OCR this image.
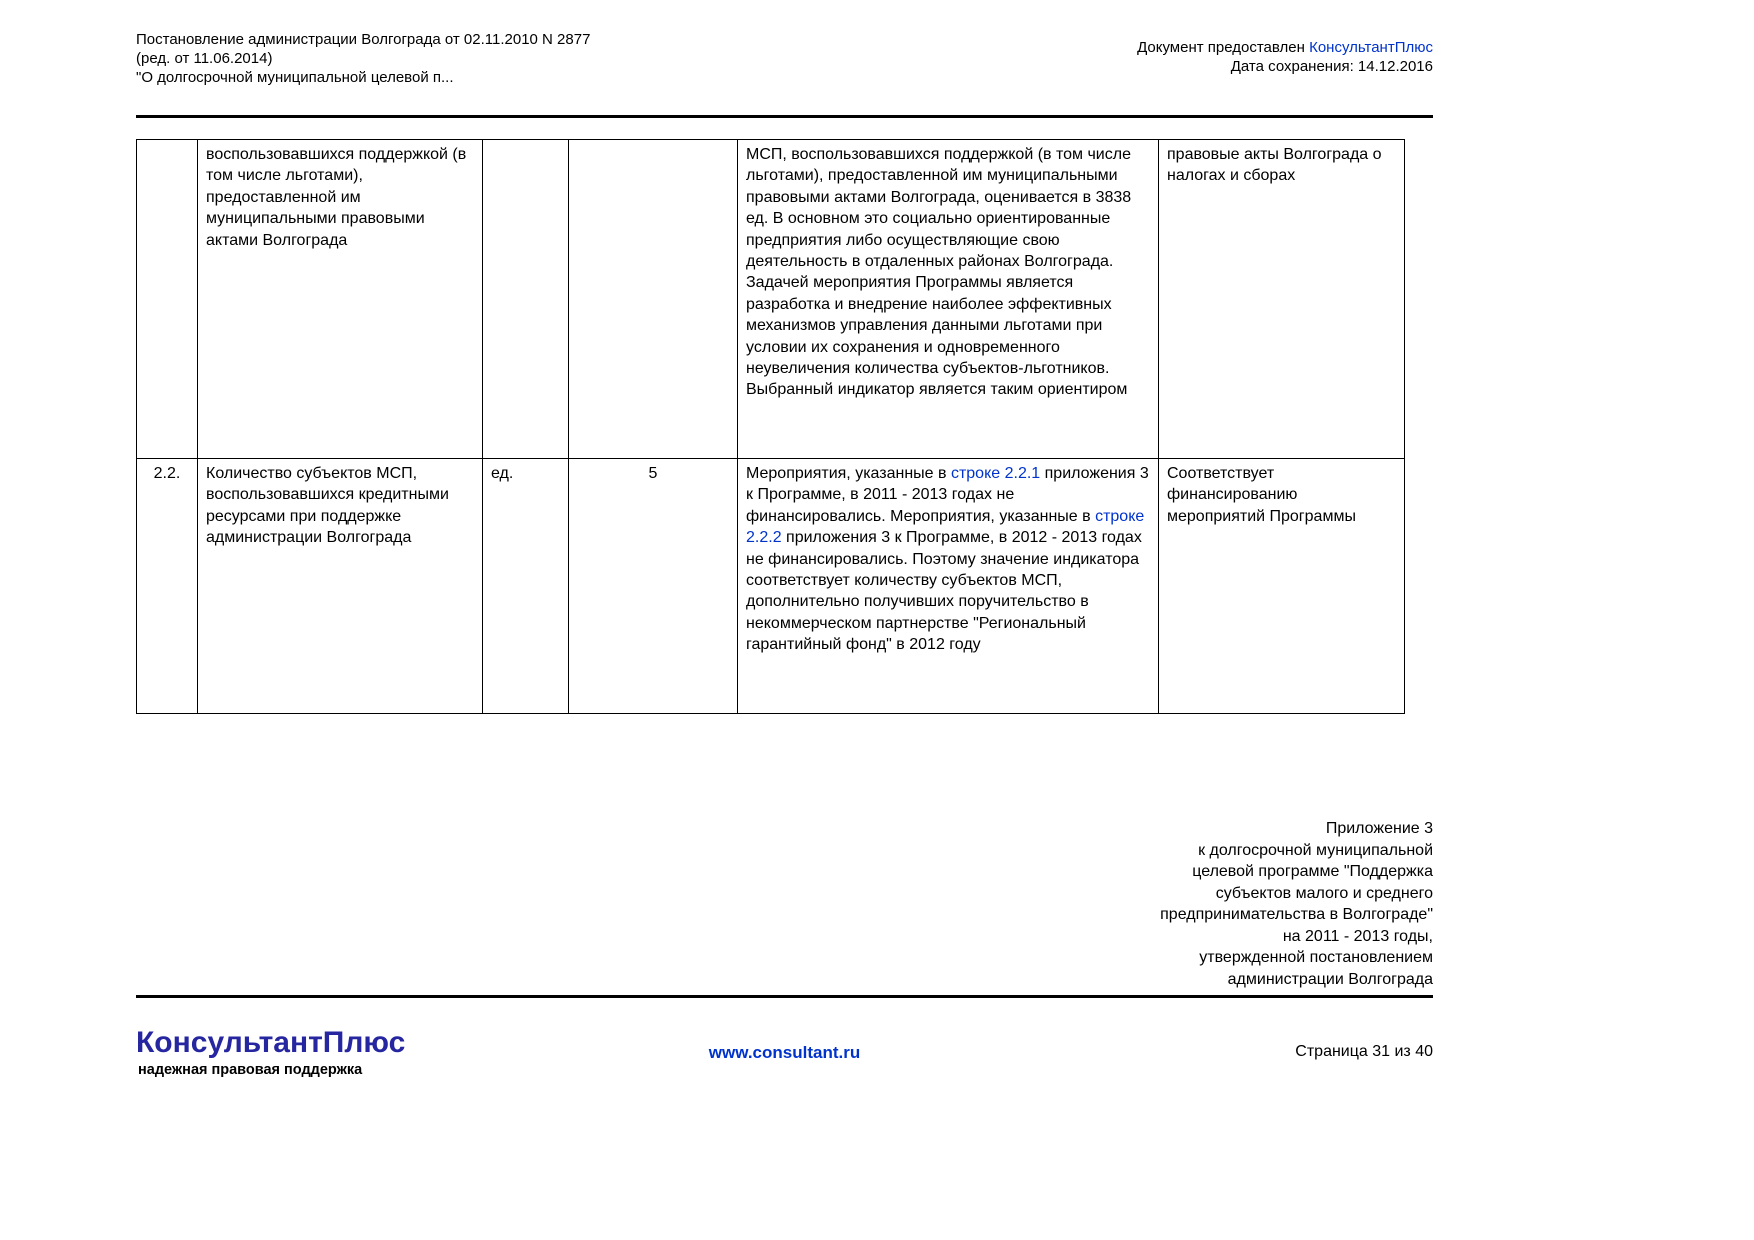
Постановление администрации Волгограда от 02.11.2010 N 2877
(ред. от 11.06.2014)
"О долгосрочной муниципальной целевой п...
Документ предоставлен КонсультантПлюс
Дата сохранения: 14.12.2016
	воспользовавшихся поддержкой (в том числе льготами), предоставленной им муниципальными правовыми актами Волгограда			МСП, воспользовавшихся поддержкой (в том числе льготами), предоставленной им муниципальными правовыми актами Волгограда, оценивается в 3838 ед. В основном это социально ориентированные предприятия либо осуществляющие свою деятельность в отдаленных районах Волгограда. Задачей мероприятия Программы является разработка и внедрение наиболее эффективных механизмов управления данными льготами при условии их сохранения и одновременного неувеличения количества субъектов-льготников. Выбранный индикатор является таким ориентиром	правовые акты Волгограда о налогах и сборах
2.2.	Количество субъектов МСП, воспользовавшихся кредитными ресурсами при поддержке администрации Волгограда	ед.	5	Мероприятия, указанные в строке 2.2.1 приложения 3 к Программе, в 2011 - 2013 годах не финансировались. Мероприятия, указанные в строке 2.2.2 приложения 3 к Программе, в 2012 - 2013 годах не финансировались. Поэтому значение индикатора соответствует количеству субъектов МСП, дополнительно получивших поручительство в некоммерческом партнерстве "Региональный гарантийный фонд" в 2012 году	Соответствует финансированию мероприятий Программы
Приложение 3
к долгосрочной муниципальной
целевой программе "Поддержка
субъектов малого и среднего
предпринимательства в Волгограде"
на 2011 - 2013 годы,
утвержденной постановлением
администрации Волгограда
КонсультантПлюс
надежная правовая поддержка
www.consultant.ru	Страница 31 из 40
